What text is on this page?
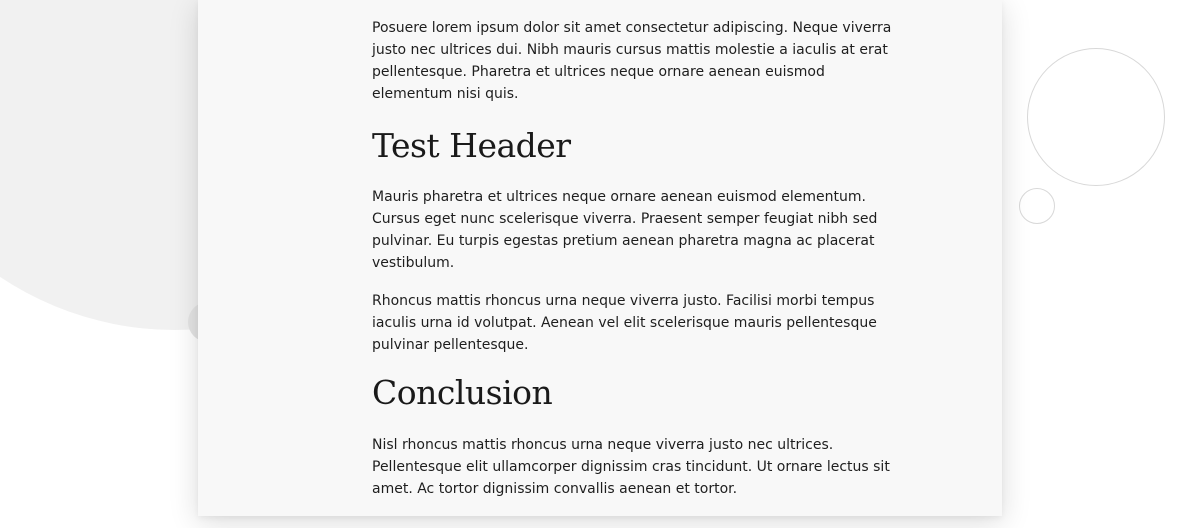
Posuere lorem ipsum dolor sit amet consectetur adipiscing. Neque viverra justo nec ultrices dui. Nibh mauris cursus mattis molestie a iaculis at erat pellentesque. Pharetra et ultrices neque ornare aenean euismod elementum nisi quis.

Test Header

Mauris pharetra et ultrices neque ornare aenean euismod elementum. Cursus eget nunc scelerisque viverra. Praesent semper feugiat nibh sed pulvinar. Eu turpis egestas pretium aenean pharetra magna ac placerat vestibulum.

Rhoncus mattis rhoncus urna neque viverra justo. Facilisi morbi tempus iaculis urna id volutpat. Aenean vel elit scelerisque mauris pellentesque pulvinar pellentesque.

Conclusion

Nisl rhoncus mattis rhoncus urna neque viverra justo nec ultrices. Pellentesque elit ullamcorper dignissim cras tincidunt. Ut ornare lectus sit amet. Ac tortor dignissim convallis aenean et tortor.
